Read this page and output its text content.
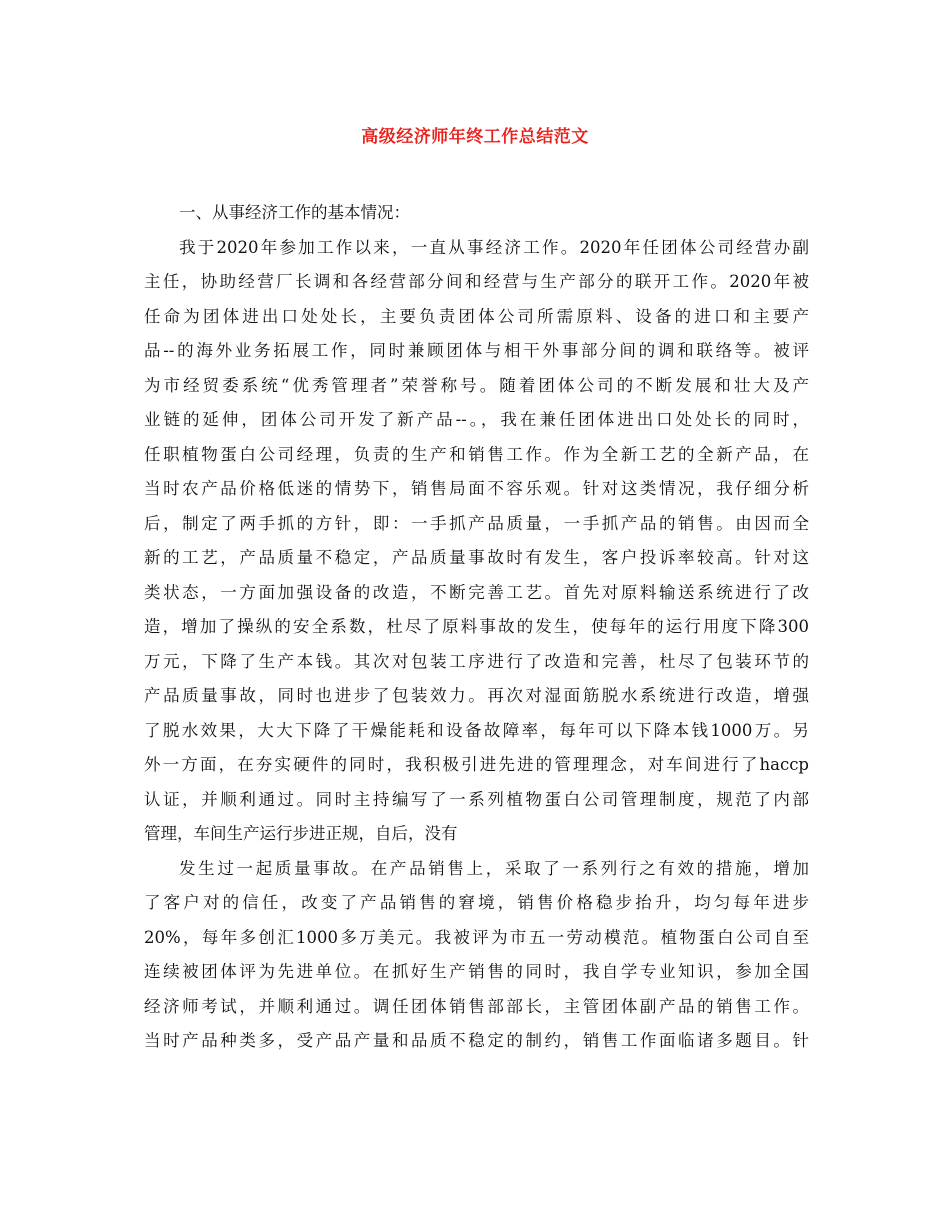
高级经济师年终工作总结范文
一、从事经济工作的基本情况：
我于2020年参加工作以来，一直从事经济工作。2020年任团体公司经营办副
主任，协助经营厂长调和各经营部分间和经营与生产部分的联开工作。2020年被
任命为团体进出口处处长，主要负责团体公司所需原料、设备的进口和主要产
品--的海外业务拓展工作，同时兼顾团体与相干外事部分间的调和联络等。被评
为市经贸委系统“优秀管理者”荣誉称号。随着团体公司的不断发展和壮大及产
业链的延伸，团体公司开发了新产品--。，我在兼任团体进出口处处长的同时，
任职植物蛋白公司经理，负责的生产和销售工作。作为全新工艺的全新产品，在
当时农产品价格低迷的情势下，销售局面不容乐观。针对这类情况，我仔细分析
后，制定了两手抓的方针，即：一手抓产品质量，一手抓产品的销售。由因而全
新的工艺，产品质量不稳定，产品质量事故时有发生，客户投诉率较高。针对这
类状态，一方面加强设备的改造，不断完善工艺。首先对原料输送系统进行了改
造，增加了操纵的安全系数，杜尽了原料事故的发生，使每年的运行用度下降300
万元，下降了生产本钱。其次对包装工序进行了改造和完善，杜尽了包装环节的
产品质量事故，同时也进步了包装效力。再次对湿面筋脱水系统进行改造，增强
了脱水效果，大大下降了干燥能耗和设备故障率，每年可以下降本钱1000万。另
外一方面，在夯实硬件的同时，我积极引进先进的管理理念，对车间进行了haccp
认证，并顺利通过。同时主持编写了一系列植物蛋白公司管理制度，规范了内部
管理，车间生产运行步进正规，自后，没有
发生过一起质量事故。在产品销售上，采取了一系列行之有效的措施，增加
了客户对的信任，改变了产品销售的窘境，销售价格稳步抬升，均匀每年进步
20%，每年多创汇1000多万美元。我被评为市五一劳动模范。植物蛋白公司自至
连续被团体评为先进单位。在抓好生产销售的同时，我自学专业知识，参加全国
经济师考试，并顺利通过。调任团体销售部部长，主管团体副产品的销售工作。
当时产品种类多，受产品产量和品质不稳定的制约，销售工作面临诸多题目。针
